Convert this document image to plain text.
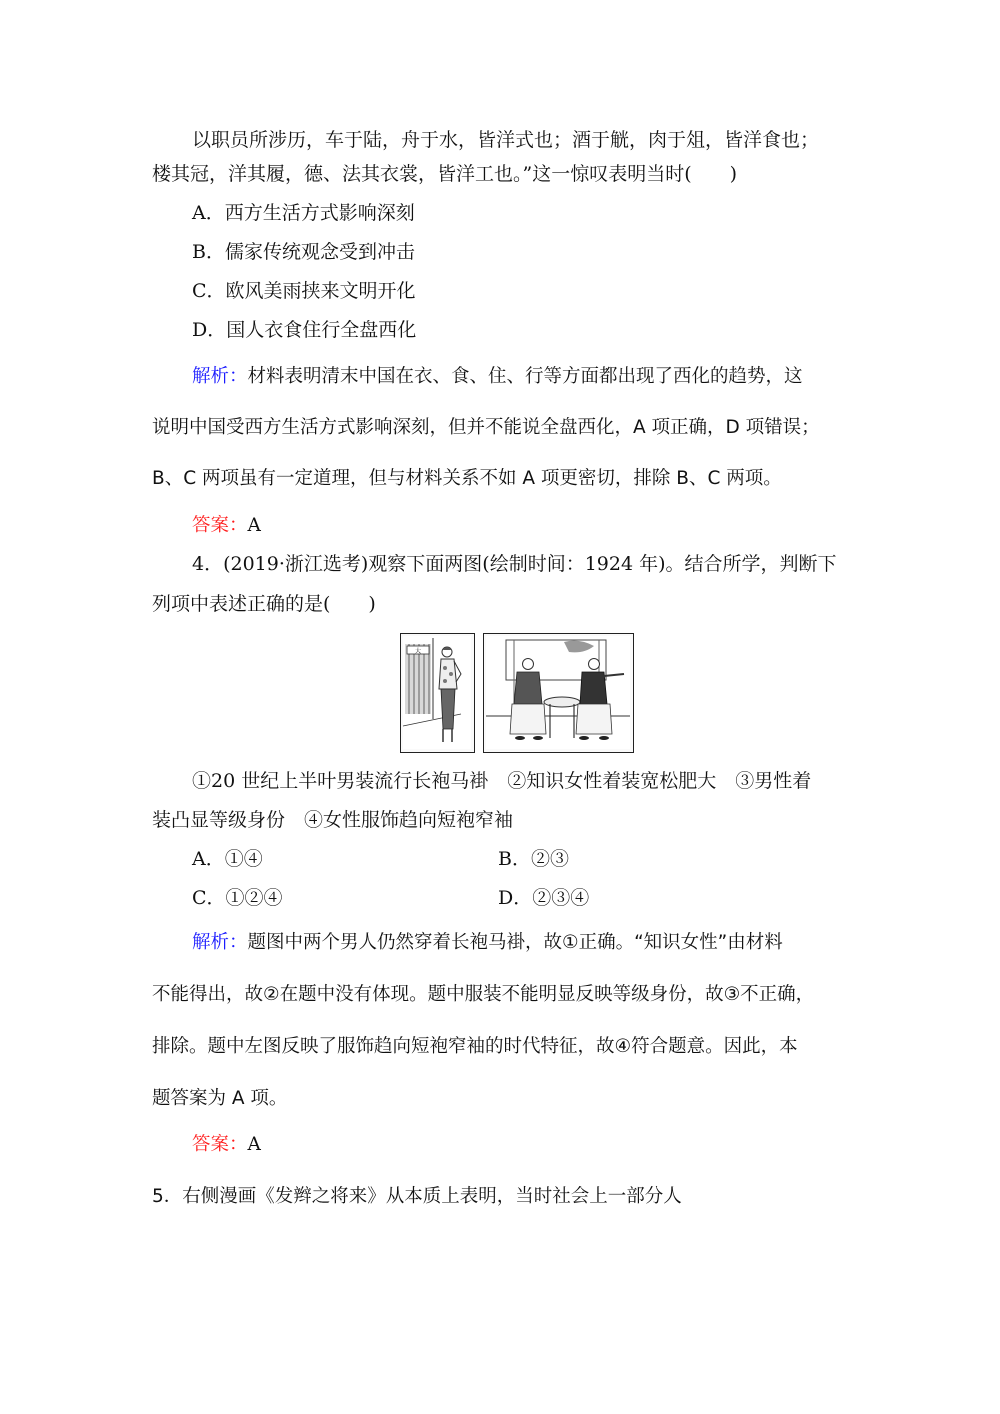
以职员所涉历，车于陆，舟于水，皆洋式也；酒于觥，肉于俎，皆洋食也；
楼其冠，洋其履，德、法其衣裳，皆洋工也。”这一惊叹表明当时(　　)
A．西方生活方式影响深刻
B．儒家传统观念受到冲击
C．欧风美雨挟来文明开化
D．国人衣食住行全盘西化
解析：材料表明清末中国在衣、食、住、行等方面都出现了西化的趋势，这
说明中国受西方生活方式影响深刻，但并不能说全盘西化，A 项正确，D 项错误；
B、C 两项虽有一定道理，但与材料关系不如 A 项更密切，排除 B、C 两项。
答案：A
4．(2019·浙江选考)观察下面两图(绘制时间：1924 年)。结合所学，判断下
列项中表述正确的是(　　)
大
①20 世纪上半叶男装流行长袍马褂　②知识女性着装宽松肥大　③男性着
装凸显等级身份　④女性服饰趋向短袍窄袖
A．①④	B．②③
C．①②④	D．②③④
解析：题图中两个男人仍然穿着长袍马褂，故①正确。“知识女性”由材料
不能得出，故②在题中没有体现。题中服装不能明显反映等级身份，故③不正确，
排除。题中左图反映了服饰趋向短袍窄袖的时代特征，故④符合题意。因此，本
题答案为 A 项。
答案：A
5．右侧漫画《发辫之将来》从本质上表明，当时社会上一部分人
